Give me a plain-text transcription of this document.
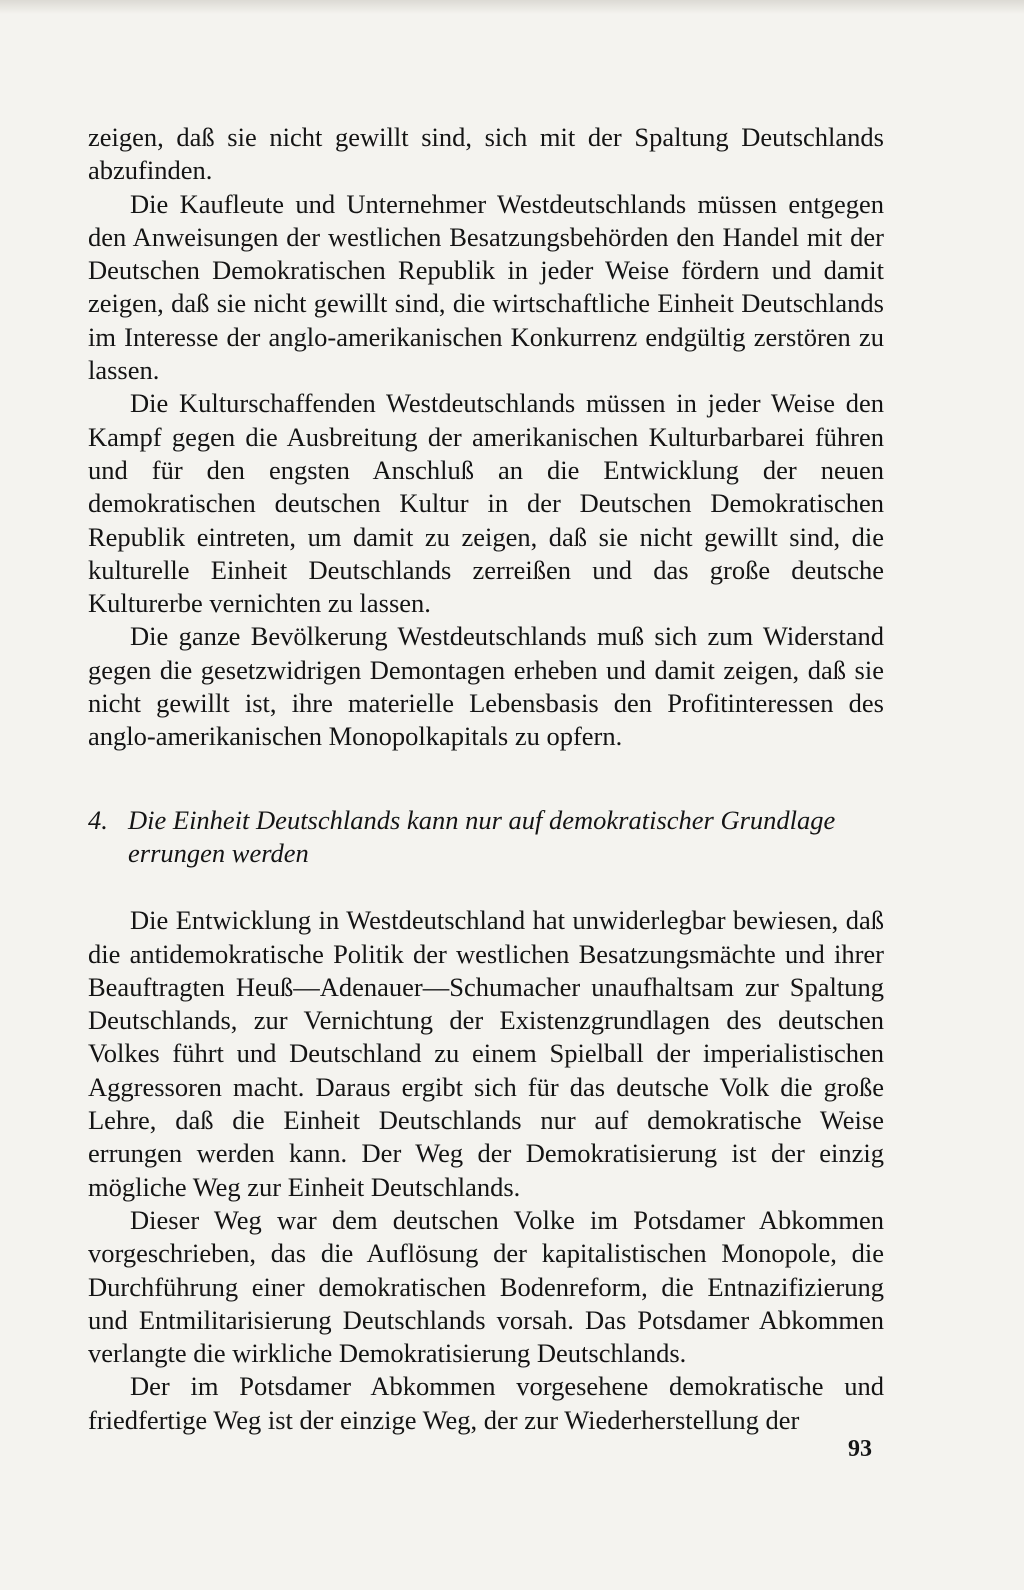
zeigen, daß sie nicht gewillt sind, sich mit der Spaltung Deutschlands abzufinden.

Die Kaufleute und Unternehmer Westdeutschlands müssen entgegen den Anweisungen der westlichen Besatzungsbehörden den Handel mit der Deutschen Demokratischen Republik in jeder Weise fördern und damit zeigen, daß sie nicht gewillt sind, die wirtschaftliche Einheit Deutschlands im Interesse der anglo-amerikanischen Konkurrenz endgültig zerstören zu lassen.

Die Kulturschaffenden Westdeutschlands müssen in jeder Weise den Kampf gegen die Ausbreitung der amerikanischen Kulturbarbarei führen und für den engsten Anschluß an die Entwicklung der neuen demokratischen deutschen Kultur in der Deutschen Demokratischen Republik eintreten, um damit zu zeigen, daß sie nicht gewillt sind, die kulturelle Einheit Deutschlands zerreißen und das große deutsche Kulturerbe vernichten zu lassen.

Die ganze Bevölkerung Westdeutschlands muß sich zum Widerstand gegen die gesetzwidrigen Demontagen erheben und damit zeigen, daß sie nicht gewillt ist, ihre materielle Lebensbasis den Profitinteressen des anglo-amerikanischen Monopolkapitals zu opfern.

4. Die Einheit Deutschlands kann nur auf demokratischer Grundlage errungen werden

Die Entwicklung in Westdeutschland hat unwiderlegbar bewiesen, daß die antidemokratische Politik der westlichen Besatzungsmächte und ihrer Beauftragten Heuß—Adenauer—Schumacher unaufhaltsam zur Spaltung Deutschlands, zur Vernichtung der Existenzgrundlagen des deutschen Volkes führt und Deutschland zu einem Spielball der imperialistischen Aggressoren macht. Daraus ergibt sich für das deutsche Volk die große Lehre, daß die Einheit Deutschlands nur auf demokratische Weise errungen werden kann. Der Weg der Demokratisierung ist der einzig mögliche Weg zur Einheit Deutschlands.

Dieser Weg war dem deutschen Volke im Potsdamer Abkommen vorgeschrieben, das die Auflösung der kapitalistischen Monopole, die Durchführung einer demokratischen Bodenreform, die Entnazifizierung und Entmilitarisierung Deutschlands vorsah. Das Potsdamer Abkommen verlangte die wirkliche Demokratisierung Deutschlands.

Der im Potsdamer Abkommen vorgesehene demokratische und friedfertige Weg ist der einzige Weg, der zur Wiederherstellung der

93
